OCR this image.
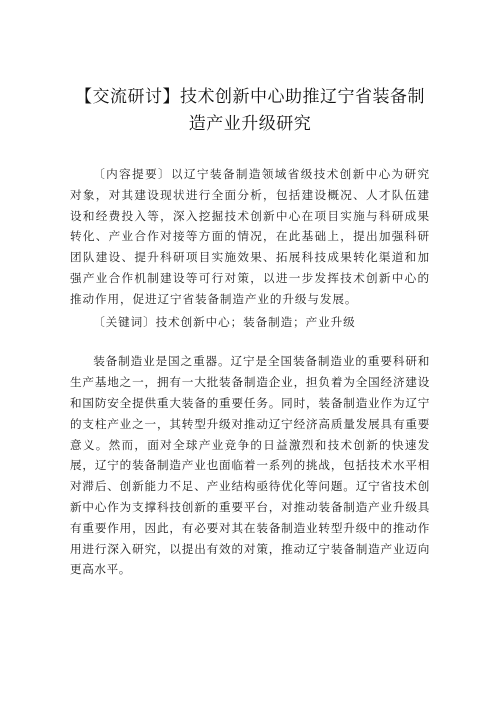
【交流研讨】技术创新中心助推辽宁省装备制
造产业升级研究

〔内容提要〕以辽宁装备制造领域省级技术创新中心为研究对象，对其建设现状进行全面分析，包括建设概况、人才队伍建设和经费投入等，深入挖掘技术创新中心在项目实施与科研成果转化、产业合作对接等方面的情况，在此基础上，提出加强科研团队建设、提升科研项目实施效果、拓展科技成果转化渠道和加强产业合作机制建设等可行对策，以进一步发挥技术创新中心的推动作用，促进辽宁省装备制造产业的升级与发展。

〔关键词〕技术创新中心；装备制造；产业升级

装备制造业是国之重器。辽宁是全国装备制造业的重要科研和生产基地之一，拥有一大批装备制造企业，担负着为全国经济建设和国防安全提供重大装备的重要任务。同时，装备制造业作为辽宁的支柱产业之一，其转型升级对推动辽宁经济高质量发展具有重要意义。然而，面对全球产业竞争的日益激烈和技术创新的快速发展，辽宁的装备制造产业也面临着一系列的挑战，包括技术水平相对滞后、创新能力不足、产业结构亟待优化等问题。辽宁省技术创新中心作为支撑科技创新的重要平台，对推动装备制造产业升级具有重要作用，因此，有必要对其在装备制造业转型升级中的推动作用进行深入研究，以提出有效的对策，推动辽宁装备制造产业迈向更高水平。
